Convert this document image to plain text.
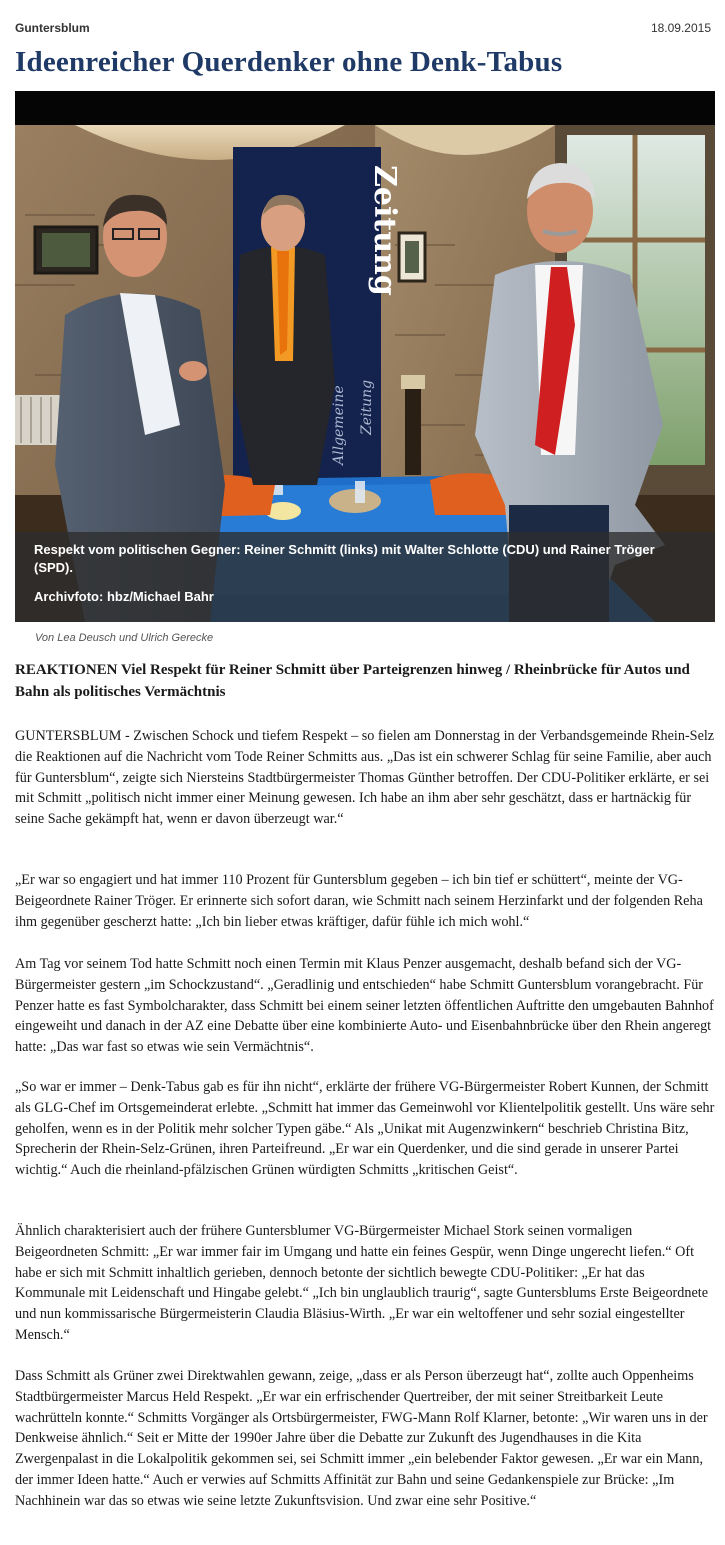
Guntersblum	18.09.2015
Ideenreicher Querdenker ohne Denk-Tabus
Allgemeine Zeitung
Zeitung
Respekt vom politischen Gegner: Reiner Schmitt (links) mit Walter Schlotte (CDU) und Rainer Tröger (SPD).
Archivfoto: hbz/Michael Bahr
Von Lea Deusch und Ulrich Gerecke
REAKTIONEN Viel Respekt für Reiner Schmitt über Parteigrenzen hinweg / Rheinbrücke für Autos und Bahn als politisches Vermächtnis

GUNTERSBLUM - Zwischen Schock und tiefem Respekt – so fielen am Donnerstag in der Verbandsgemeinde Rhein-Selz die Reaktionen auf die Nachricht vom Tode Reiner Schmitts aus. „Das ist ein schwerer Schlag für seine Familie, aber auch für Guntersblum“, zeigte sich Niersteins Stadtbürgermeister Thomas Günther betroffen. Der CDU-Politiker erklärte, er sei mit Schmitt „politisch nicht immer einer Meinung gewesen. Ich habe an ihm aber sehr geschätzt, dass er hartnäckig für seine Sache gekämpft hat, wenn er davon überzeugt war.“

„Er war so engagiert und hat immer 110 Prozent für Guntersblum gegeben – ich bin tief er schüttert“, meinte der VG-Beigeordnete Rainer Tröger. Er erinnerte sich sofort daran, wie Schmitt nach seinem Herzinfarkt und der folgenden Reha ihm gegenüber gescherzt hatte: „Ich bin lieber etwas kräftiger, dafür fühle ich mich wohl.“

Am Tag vor seinem Tod hatte Schmitt noch einen Termin mit Klaus Penzer ausgemacht, deshalb befand sich der VG-Bürgermeister gestern „im Schockzustand“. „Geradlinig und entschieden“ habe Schmitt Guntersblum vorangebracht. Für Penzer hatte es fast Symbolcharakter, dass Schmitt bei einem seiner letzten öffentlichen Auftritte den umgebauten Bahnhof eingeweiht und danach in der AZ eine Debatte über eine kombinierte Auto- und Eisenbahnbrücke über den Rhein angeregt hatte: „Das war fast so etwas wie sein Vermächtnis“.

„So war er immer – Denk-Tabus gab es für ihn nicht“, erklärte der frühere VG-Bürgermeister Robert Kunnen, der Schmitt als GLG-Chef im Ortsgemeinderat erlebte. „Schmitt hat immer das Gemeinwohl vor Klientelpolitik gestellt. Uns wäre sehr geholfen, wenn es in der Politik mehr solcher Typen gäbe.“ Als „Unikat mit Augenzwinkern“ beschrieb Christina Bitz, Sprecherin der Rhein-Selz-Grünen, ihren Parteifreund. „Er war ein Querdenker, und die sind gerade in unserer Partei wichtig.“ Auch die rheinland-pfälzischen Grünen würdigten Schmitts „kritischen Geist“.

Ähnlich charakterisiert auch der frühere Guntersblumer VG-Bürgermeister Michael Stork seinen vormaligen Beigeordneten Schmitt: „Er war immer fair im Umgang und hatte ein feines Gespür, wenn Dinge ungerecht liefen.“ Oft habe er sich mit Schmitt inhaltlich gerieben, dennoch betonte der sichtlich bewegte CDU-Politiker: „Er hat das Kommunale mit Leidenschaft und Hingabe gelebt.“ „Ich bin unglaublich traurig“, sagte Guntersblums Erste Beigeordnete und nun kommissarische Bürgermeisterin Claudia Bläsius-Wirth. „Er war ein weltoffener und sehr sozial eingestellter Mensch.“

Dass Schmitt als Grüner zwei Direktwahlen gewann, zeige, „dass er als Person überzeugt hat“, zollte auch Oppenheims Stadtbürgermeister Marcus Held Respekt. „Er war ein erfrischender Quertreiber, der mit seiner Streitbarkeit Leute wachrütteln konnte.“ Schmitts Vorgänger als Ortsbürgermeister, FWG-Mann Rolf Klarner, betonte: „Wir waren uns in der Denkweise ähnlich.“ Seit er Mitte der 1990er Jahre über die Debatte zur Zukunft des Jugendhauses in die Kita Zwergenpalast in die Lokalpolitik gekommen sei, sei Schmitt immer „ein belebender Faktor gewesen. „Er war ein Mann, der immer Ideen hatte.“ Auch er verwies auf Schmitts Affinität zur Bahn und seine Gedankenspiele zur Brücke: „Im Nachhinein war das so etwas wie seine letzte Zukunftsvision. Und zwar eine sehr Positive.“
